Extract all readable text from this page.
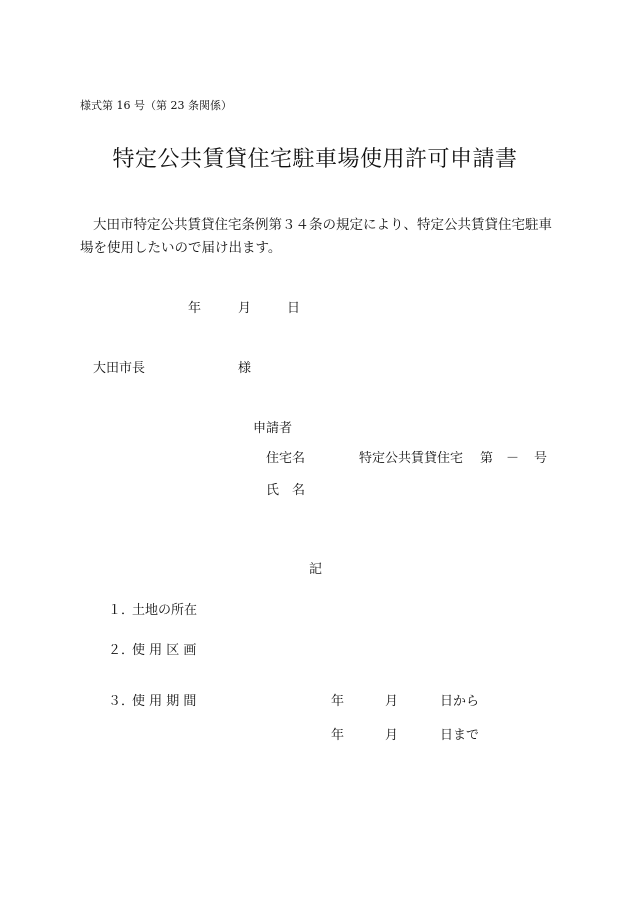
様式第 16 号（第 23 条関係）
特定公共賃貸住宅駐車場使用許可申請書
大田市特定公共賃貸住宅条例第３４条の規定により、特定公共賃貸住宅駐車
場を使用したいので届け出ます。
年	月	日
大田市長	様
申請者
住宅名	特定公共賃貸住宅 第 － 号
氏　名
記
１．
土地の所在
２．
使 用 区 画
３．
使 用 期 間	年	月	日から
年	月	日まで
